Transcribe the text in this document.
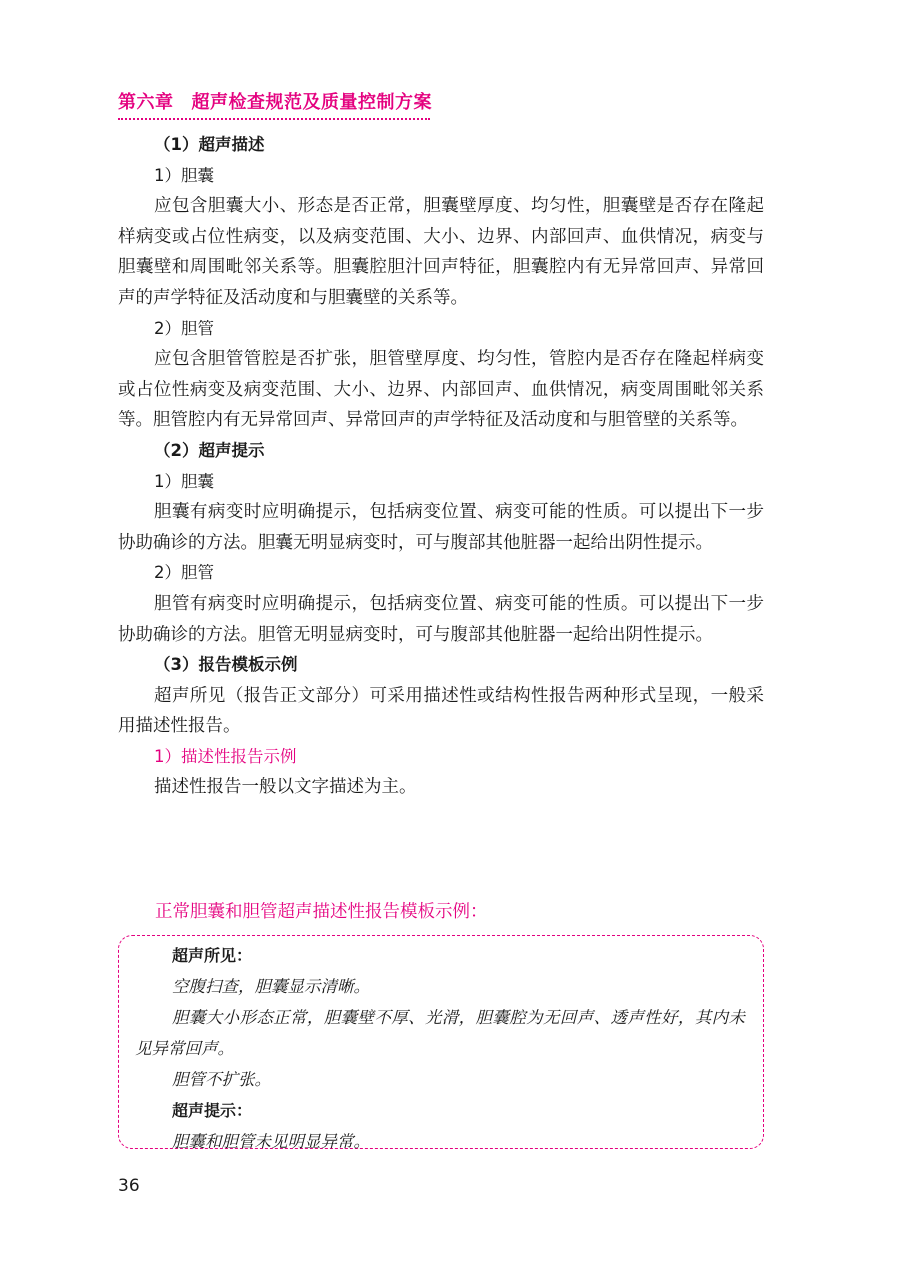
第六章 超声检查规范及质量控制方案

（1）超声描述

1）胆囊

应包含胆囊大小、形态是否正常，胆囊壁厚度、均匀性，胆囊壁是否存在隆起样病变或占位性病变，以及病变范围、大小、边界、内部回声、血供情况，病变与胆囊壁和周围毗邻关系等。胆囊腔胆汁回声特征，胆囊腔内有无异常回声、异常回声的声学特征及活动度和与胆囊壁的关系等。

2）胆管

应包含胆管管腔是否扩张，胆管壁厚度、均匀性，管腔内是否存在隆起样病变或占位性病变及病变范围、大小、边界、内部回声、血供情况，病变周围毗邻关系等。胆管腔内有无异常回声、异常回声的声学特征及活动度和与胆管壁的关系等。

（2）超声提示

1）胆囊

胆囊有病变时应明确提示，包括病变位置、病变可能的性质。可以提出下一步协助确诊的方法。胆囊无明显病变时，可与腹部其他脏器一起给出阴性提示。

2）胆管

胆管有病变时应明确提示，包括病变位置、病变可能的性质。可以提出下一步协助确诊的方法。胆管无明显病变时，可与腹部其他脏器一起给出阴性提示。

（3）报告模板示例

超声所见（报告正文部分）可采用描述性或结构性报告两种形式呈现，一般采用描述性报告。

1）描述性报告示例

描述性报告一般以文字描述为主。

正常胆囊和胆管超声描述性报告模板示例：

超声所见：

空腹扫查，胆囊显示清晰。

胆囊大小形态正常，胆囊壁不厚、光滑，胆囊腔为无回声、透声性好，其内未见异常回声。

胆管不扩张。

超声提示：

胆囊和胆管未见明显异常。

36
